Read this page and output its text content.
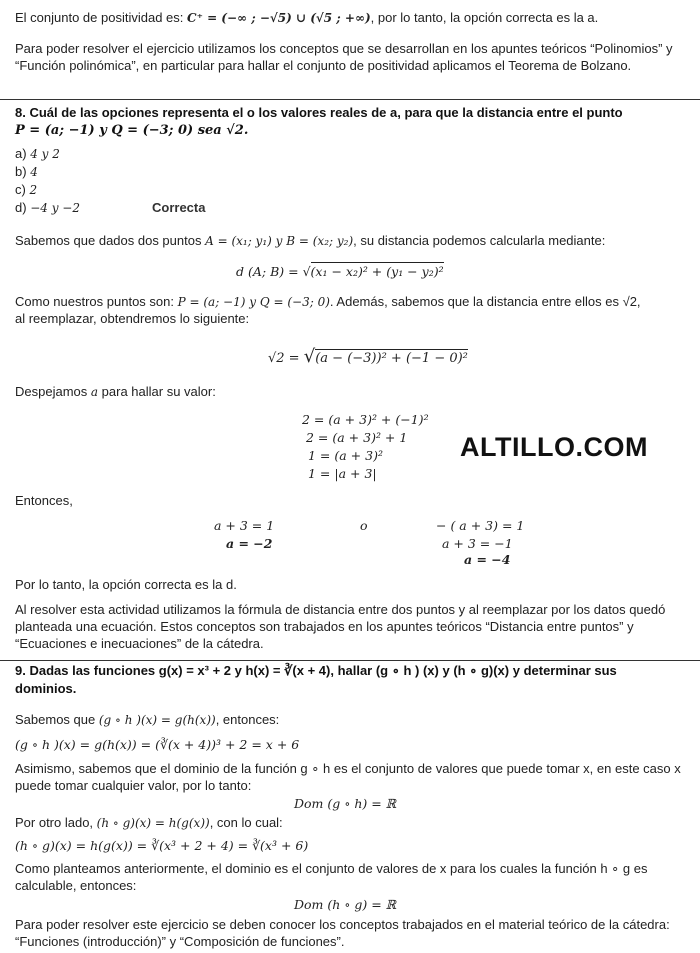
El conjunto de positividad es: C⁺ = (−∞ ; −√5) ∪ (√5 ; +∞), por lo tanto, la opción correcta es la a.

Para poder resolver el ejercicio utilizamos los conceptos que se desarrollan en los apuntes teóricos “Polinomios” y “Función polinómica”, en particular para hallar el conjunto de positividad aplicamos el Teorema de Bolzano.

8. Cuál de las opciones representa el o los valores reales de a, para que la distancia entre el punto
P = (a; −1) y Q = (−3; 0) sea √2.
a) 4 y 2
b) 4
c) 2
d) −4 y −2	Correcta
Sabemos que dados dos puntos A = (x₁; y₁) y B = (x₂; y₂), su distancia podemos calcularla mediante:
d (A; B) = √(x₁ − x₂)² + (y₁ − y₂)²
Como nuestros puntos son: P = (a; −1) y Q = (−3; 0). Además, sabemos que la distancia entre ellos es √2,
al reemplazar, obtendremos lo siguiente:
√2 = √(a − (−3))² + (−1 − 0)²
Despejamos a para hallar su valor:
2 = (a + 3)² + (−1)²
2 = (a + 3)² + 1
1 = (a + 3)²
1 = |a + 3|
ALTILLO.COM
Entonces,
a + 3 = 1
a = −2
o	− ( a + 3) = 1
a + 3 = −1
a = −4
Por lo tanto, la opción correcta es la d.

Al resolver esta actividad utilizamos la fórmula de distancia entre dos puntos y al reemplazar por los datos quedó planteada una ecuación. Estos conceptos son trabajados en los apuntes teóricos “Distancia entre puntos” y “Ecuaciones e inecuaciones” de la cátedra.

9. Dadas las funciones g(x) = x³ + 2 y h(x) = ∛(x + 4), hallar (g ∘ h ) (x) y (h ∘ g)(x) y determinar sus
dominios.
Sabemos que (g ∘ h )(x) = g(h(x)), entonces:
(g ∘ h )(x) = g(h(x)) = (∛(x + 4))³ + 2 = x + 6

Asimismo, sabemos que el dominio de la función g ∘ h es el conjunto de valores que puede tomar x, en este caso x puede tomar cualquier valor, por lo tanto:

Dom (g ∘ h) = ℝ
Por otro lado, (h ∘ g)(x) = h(g(x)), con lo cual:
(h ∘ g)(x) = h(g(x)) = ∛(x³ + 2 + 4) = ∛(x³ + 6)

Como planteamos anteriormente, el dominio es el conjunto de valores de x para los cuales la función h ∘ g es calculable, entonces:

Dom (h ∘ g) = ℝ

Para poder resolver este ejercicio se deben conocer los conceptos trabajados en el material teórico de la cátedra: “Funciones (introducción)” y “Composición de funciones”.
